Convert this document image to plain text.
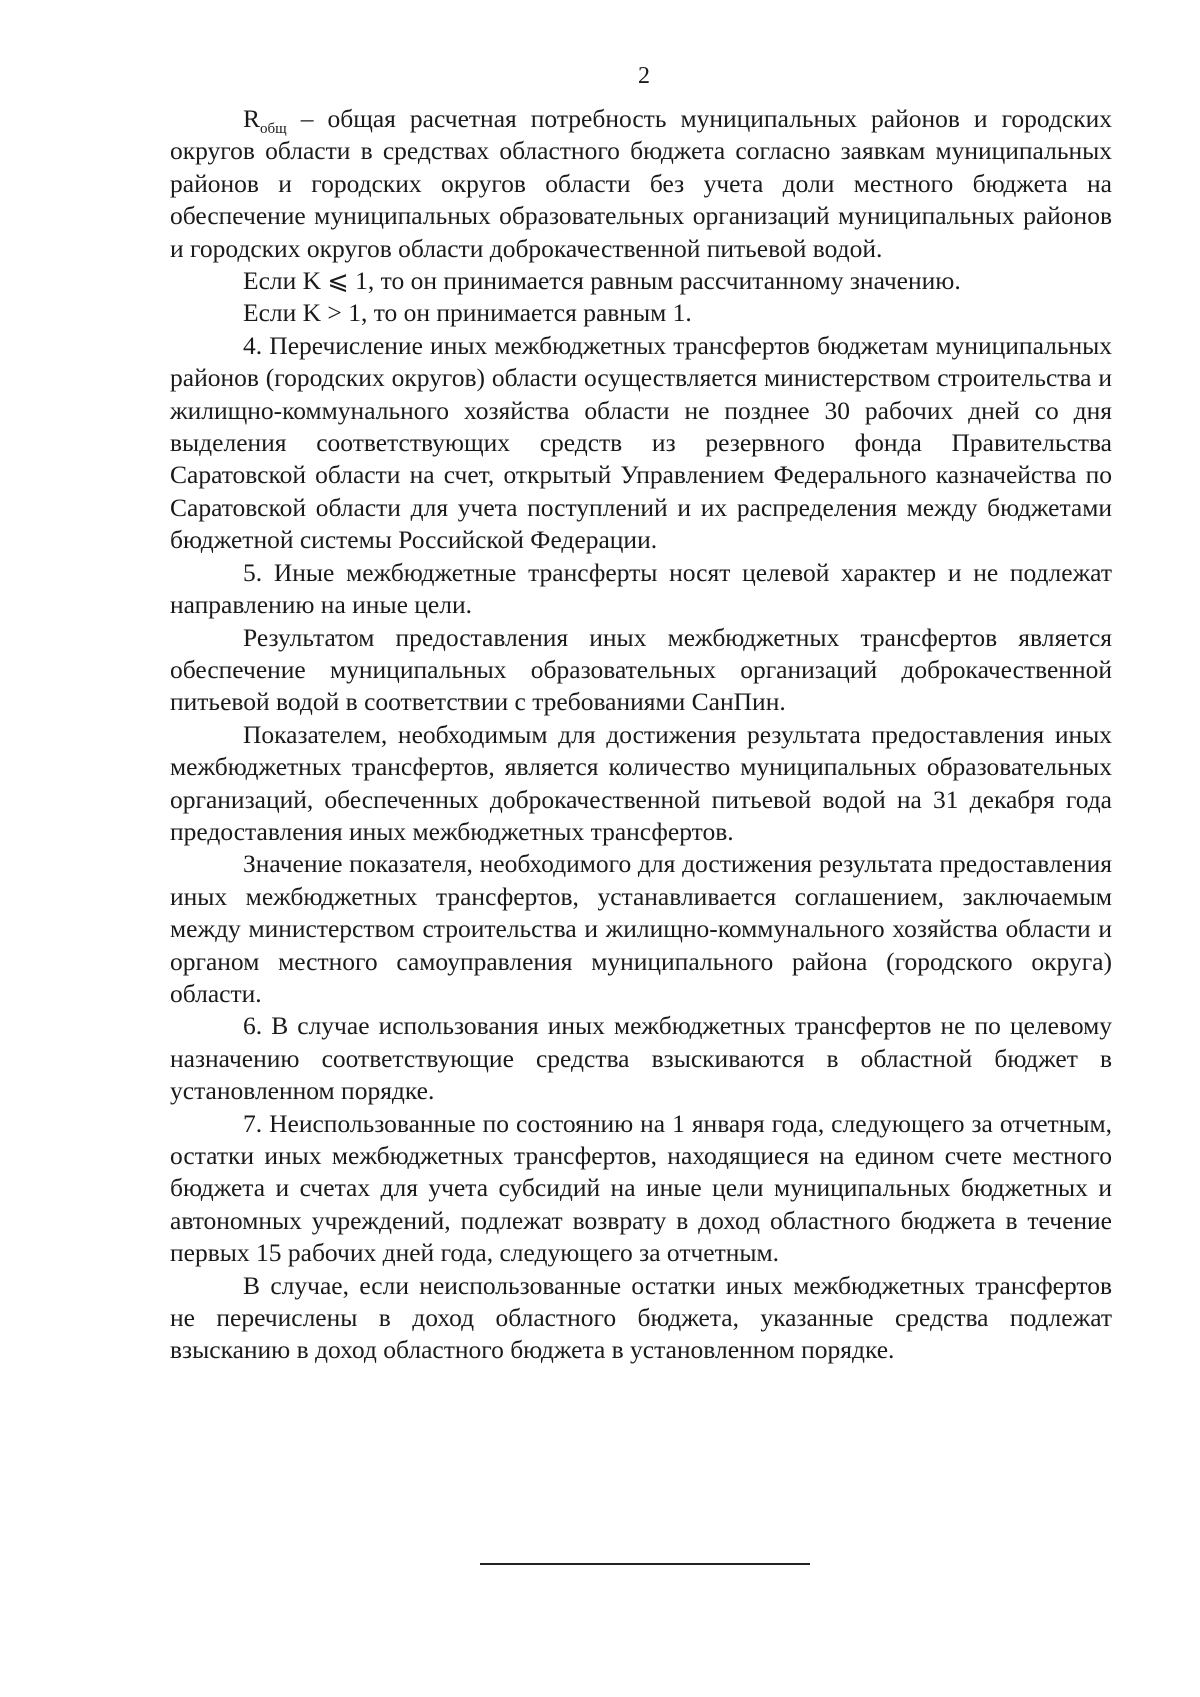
2

$R_{общ}$ – общая расчетная потребность муниципальных районов и городских округов области в средствах областного бюджета согласно заявкам муниципальных районов и городских округов области без учета доли местного бюджета на обеспечение муниципальных образовательных организаций муниципальных районов и городских округов области доброкачественной питьевой водой.

Если K ⩽ 1, то он принимается равным рассчитанному значению.

Если K > 1, то он принимается равным 1.

4. Перечисление иных межбюджетных трансфертов бюджетам муниципальных районов (городских округов) области осуществляется министерством строительства и жилищно-коммунального хозяйства области не позднее 30 рабочих дней со дня выделения соответствующих средств из резервного фонда Правительства Саратовской области на счет, открытый Управлением Федерального казначейства по Саратовской области для учета поступлений и их распределения между бюджетами бюджетной системы Российской Федерации.

5. Иные межбюджетные трансферты носят целевой характер и не подлежат направлению на иные цели.

Результатом предоставления иных межбюджетных трансфертов является обеспечение муниципальных образовательных организаций доброкачественной питьевой водой в соответствии с требованиями СанПин.

Показателем, необходимым для достижения результата предоставления иных межбюджетных трансфертов, является количество муниципальных образовательных организаций, обеспеченных доброкачественной питьевой водой на 31 декабря года предоставления иных межбюджетных трансфертов.

Значение показателя, необходимого для достижения результата предоставления иных межбюджетных трансфертов, устанавливается соглашением, заключаемым между министерством строительства и жилищно-коммунального хозяйства области и органом местного самоуправления муниципального района (городского округа) области.

6. В случае использования иных межбюджетных трансфертов не по целевому назначению соответствующие средства взыскиваются в областной бюджет в установленном порядке.

7. Неиспользованные по состоянию на 1 января года, следующего за отчетным, остатки иных межбюджетных трансфертов, находящиеся на едином счете местного бюджета и счетах для учета субсидий на иные цели муниципальных бюджетных и автономных учреждений, подлежат возврату в доход областного бюджета в течение первых 15 рабочих дней года, следующего за отчетным.

В случае, если неиспользованные остатки иных межбюджетных трансфертов не перечислены в доход областного бюджета, указанные средства подлежат взысканию в доход областного бюджета в установленном порядке.
